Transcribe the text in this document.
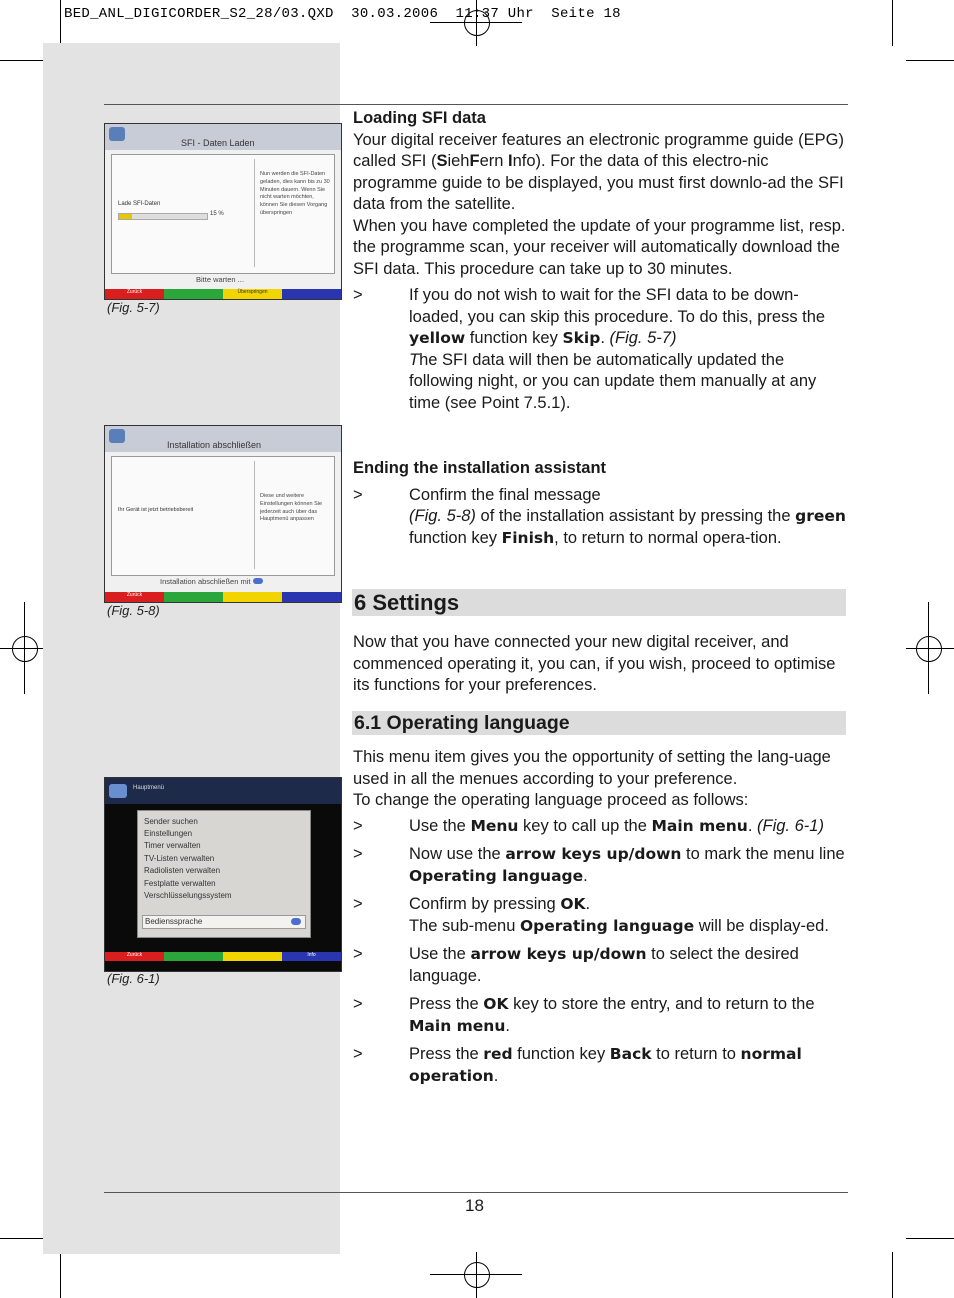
BED_ANL_DIGICORDER_S2_28/03.QXD  30.03.2006  11:37 Uhr  Seite 18
SFI - Daten Laden
Lade SFI-Daten
15 %
Nun werden die SFI-Daten geladen, dies kann bis zu 30 Minuten dauern. Wenn Sie nicht warten möchten, können Sie diesen Vorgang überspringen
Bitte warten ...
Zurück	Überspringen
(Fig. 5-7)
Installation abschließen
Ihr Gerät ist jetzt betriebsbereit
Diese und weitere Einstellungen können Sie jederzeit auch über das Hauptmenü anpassen
Installation abschließen mit
Zurück
(Fig. 5-8)
Hauptmenü
Sender suchen
Einstellungen
Timer verwalten
TV-Listen verwalten
Radiolisten verwalten
Festplatte verwalten
Verschlüsselungssystem
Bedienssprache
Zurück	Info
(Fig. 6-1)

Loading SFI data

Your digital receiver features an electronic programme guide (EPG) called SFI (SiehFern Info). For the data of this electro-nic programme guide to be displayed, you must first downlo-ad the SFI data from the satellite.

When you have completed the update of your programme list, resp. the programme scan, your receiver will automatically download the SFI data. This procedure can take up to 30 minutes.

>	If you do not wish to wait for the SFI data to be down-loaded, you can skip this procedure. To do this, press the yellow function key Skip. (Fig. 5-7)
The SFI data will then be automatically updated the following night, or you can update them manually at any time (see Point 7.5.1).

Ending the installation assistant

>	Confirm the final message
(Fig. 5-8) of the installation assistant by pressing the green function key Finish, to return to normal opera-tion.

6 Settings

Now that you have connected your new digital receiver, and commenced operating it, you can, if you wish, proceed to optimise its functions for your preferences.

6.1 Operating language

This menu item gives you the opportunity of setting the lang-uage used in all the menues according to your preference.

To change the operating language proceed as follows:

>	Use the Menu key to call up the Main menu. (Fig. 6-1)

>	Now use the arrow keys up/down to mark the menu line Operating language.

>	Confirm by pressing OK.
The sub-menu Operating language will be display-ed.

>	Use the arrow keys up/down to select the desired language.

>	Press the OK key to store the entry, and to return to the Main menu.

>	Press the red function key Back to return to normal operation.

18
